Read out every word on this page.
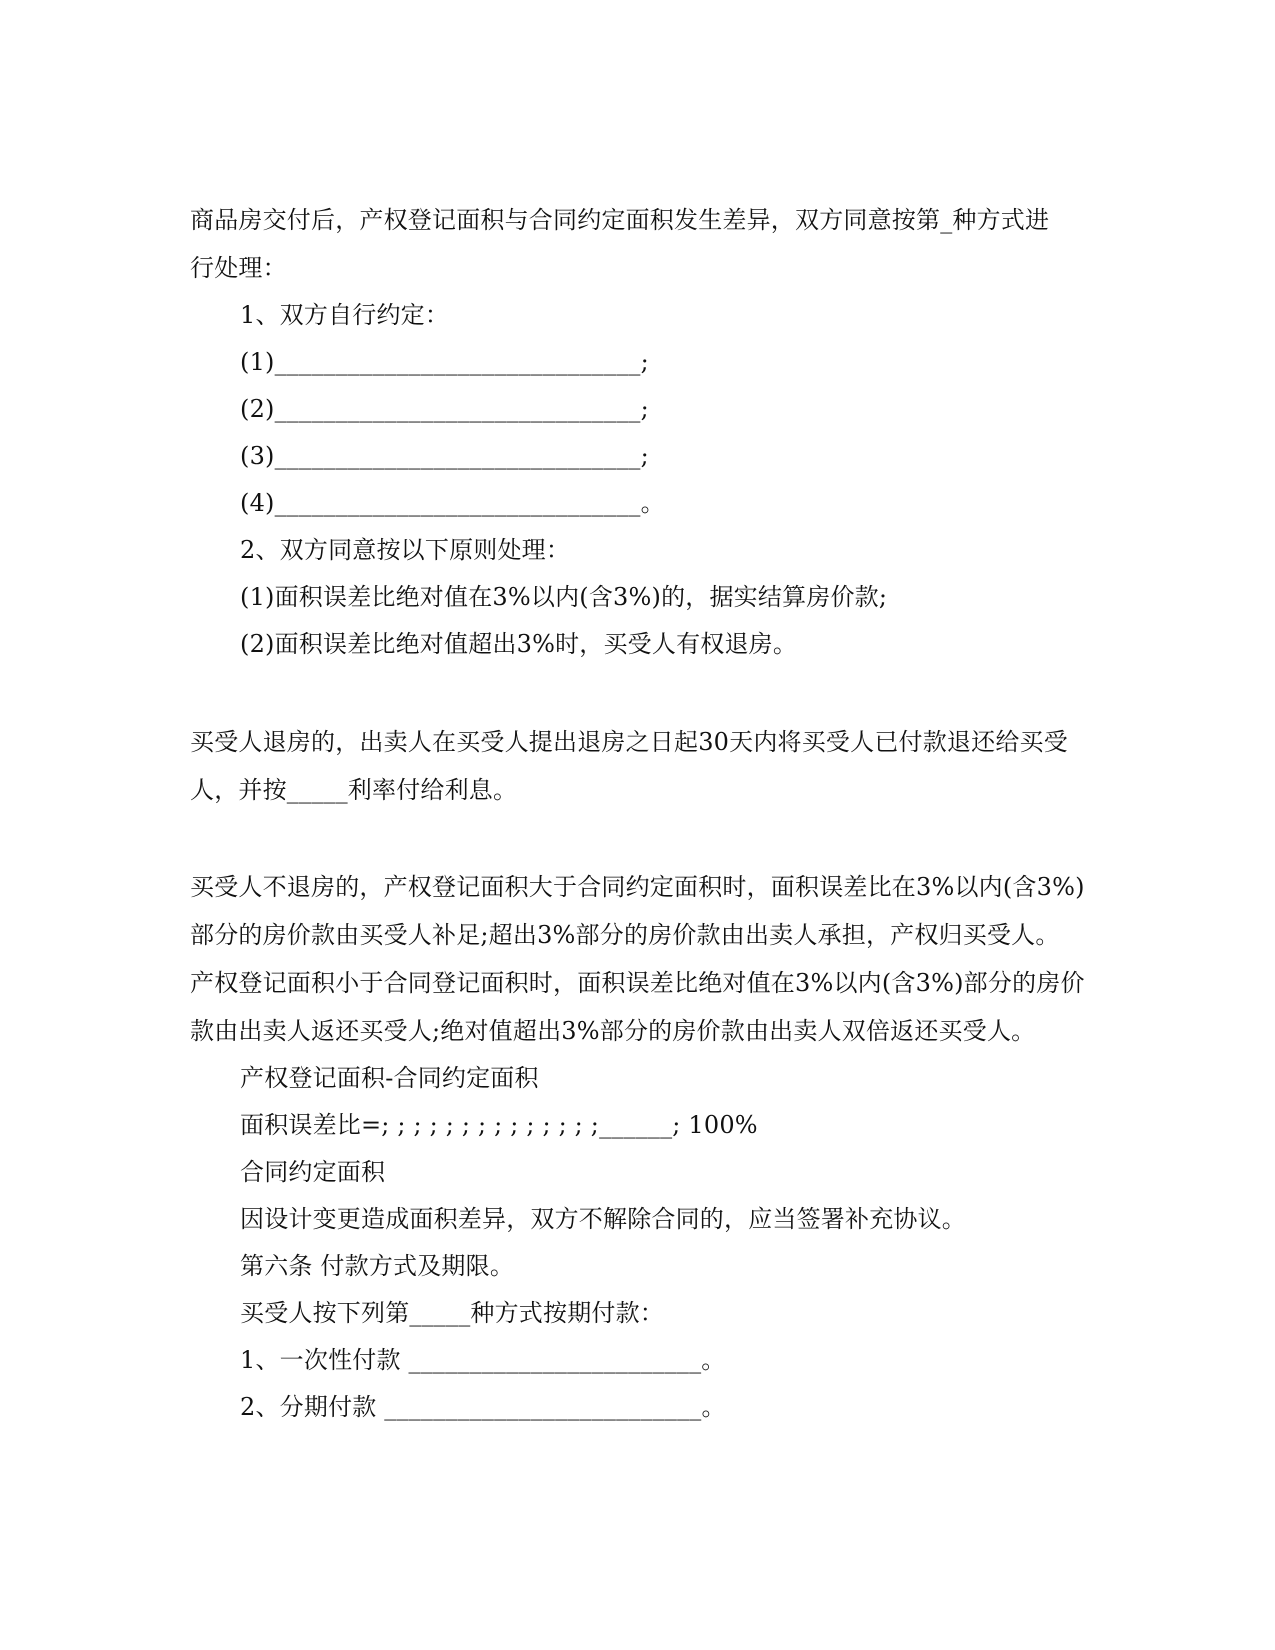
商品房交付后，产权登记面积与合同约定面积发生差异，双方同意按第_种方式进
行处理：
1、双方自行约定：
(1)______________________________;
(2)______________________________;
(3)______________________________;
(4)______________________________。
2、双方同意按以下原则处理：
(1)面积误差比绝对值在3%以内(含3%)的，据实结算房价款;
(2)面积误差比绝对值超出3%时，买受人有权退房。
买受人退房的，出卖人在买受人提出退房之日起30天内将买受人已付款退还给买受
人，并按_____利率付给利息。
买受人不退房的，产权登记面积大于合同约定面积时，面积误差比在3%以内(含3%)
部分的房价款由买受人补足;超出3%部分的房价款由出卖人承担，产权归买受人。
产权登记面积小于合同登记面积时，面积误差比绝对值在3%以内(含3%)部分的房价
款由出卖人返还买受人;绝对值超出3%部分的房价款由出卖人双倍返还买受人。
产权登记面积-合同约定面积
面积误差比=; ; ; ; ; ; ; ; ; ; ; ; ; ;______; 100%
合同约定面积
因设计变更造成面积差异，双方不解除合同的，应当签署补充协议。
第六条 付款方式及期限。
买受人按下列第_____种方式按期付款：
1、一次性付款 ________________________。
2、分期付款 __________________________。
